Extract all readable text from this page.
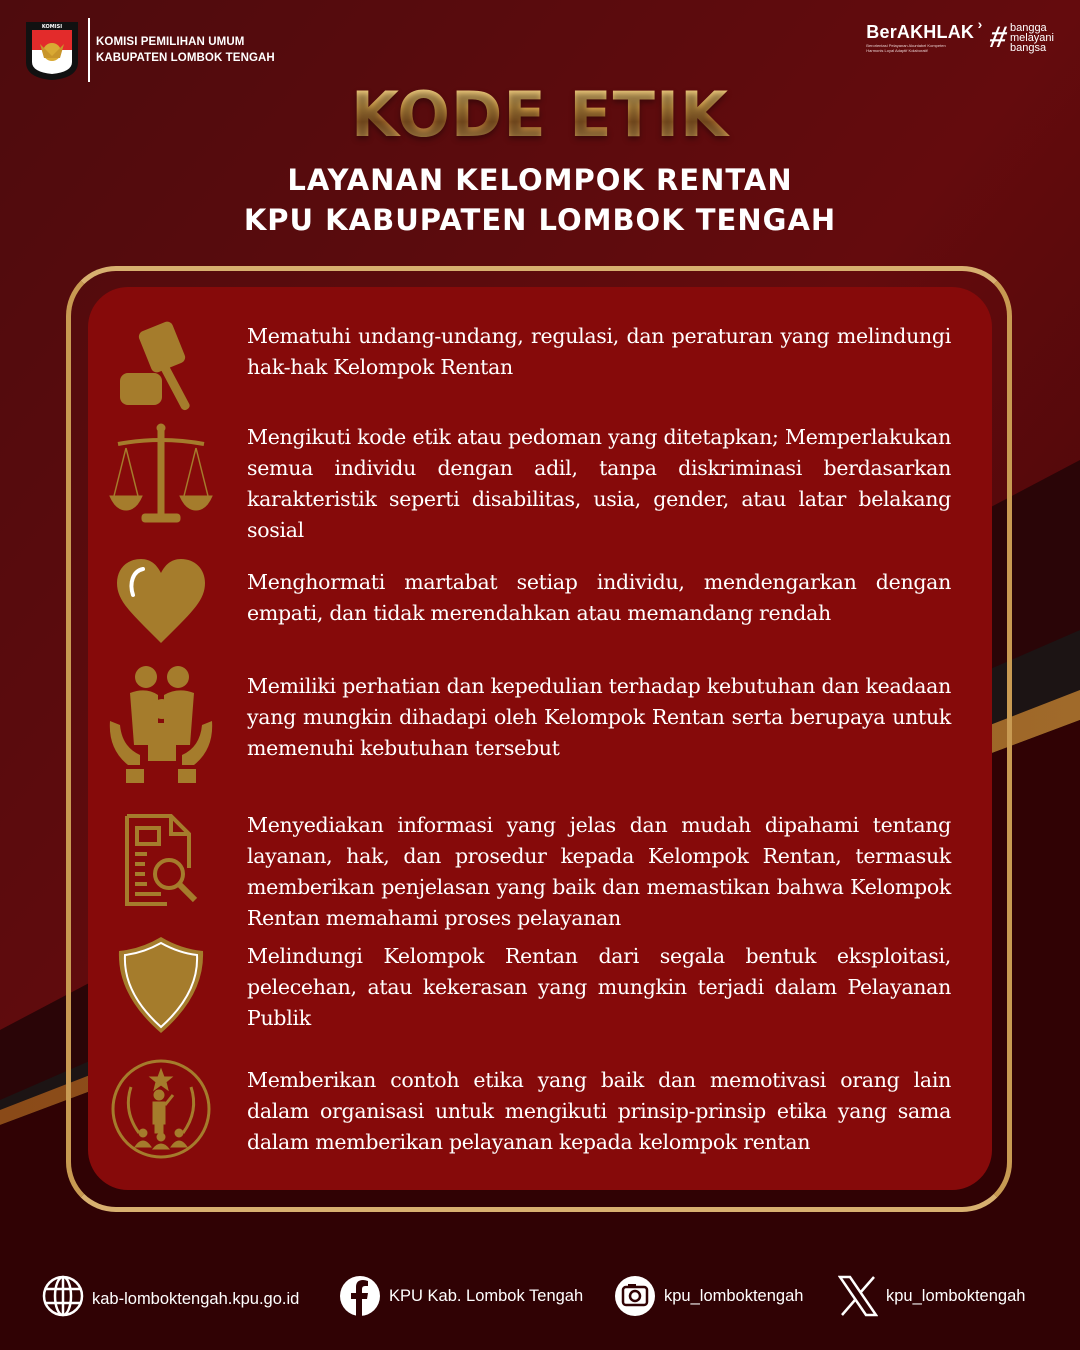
KOMISI
KOMISI PEMILIHAN UMUM
KABUPATEN LOMBOK TENGAH
BerAKHLAK
Berorientasi Pelayanan Akuntabel Kompeten
Harmonis Loyal Adaptif Kolaboratif
› # bangga
melayani
bangsa
KODE ETIK
LAYANAN KELOMPOK RENTAN
KPU KABUPATEN LOMBOK TENGAH
Mematuhi undang-undang, regulasi, dan peraturan yang melindungi hak-hak Kelompok Rentan
Mengikuti kode etik atau pedoman yang ditetapkan; Memperlakukan semua individu dengan adil, tanpa diskriminasi berdasarkan karakteristik seperti disabilitas, usia, gender, atau latar belakang sosial
Menghormati martabat setiap individu, mendengarkan dengan empati, dan tidak merendahkan atau memandang rendah
Memiliki perhatian dan kepedulian terhadap kebutuhan dan keadaan yang mungkin dihadapi oleh Kelompok Rentan serta berupaya untuk memenuhi kebutuhan tersebut
Menyediakan informasi yang jelas dan mudah dipahami tentang layanan, hak, dan prosedur kepada Kelompok Rentan, termasuk memberikan penjelasan yang baik dan memastikan bahwa Kelompok Rentan memahami proses pelayanan
Melindungi Kelompok Rentan dari segala bentuk eksploitasi, pelecehan, atau kekerasan yang mungkin terjadi dalam Pelayanan Publik
Memberikan contoh etika yang baik dan memotivasi orang lain dalam organisasi untuk mengikuti prinsip-prinsip etika yang sama dalam memberikan pelayanan kepada kelompok rentan
kab-lomboktengah.kpu.go.id	KPU Kab. Lombok Tengah	kpu_lomboktengah	kpu_lomboktengah
